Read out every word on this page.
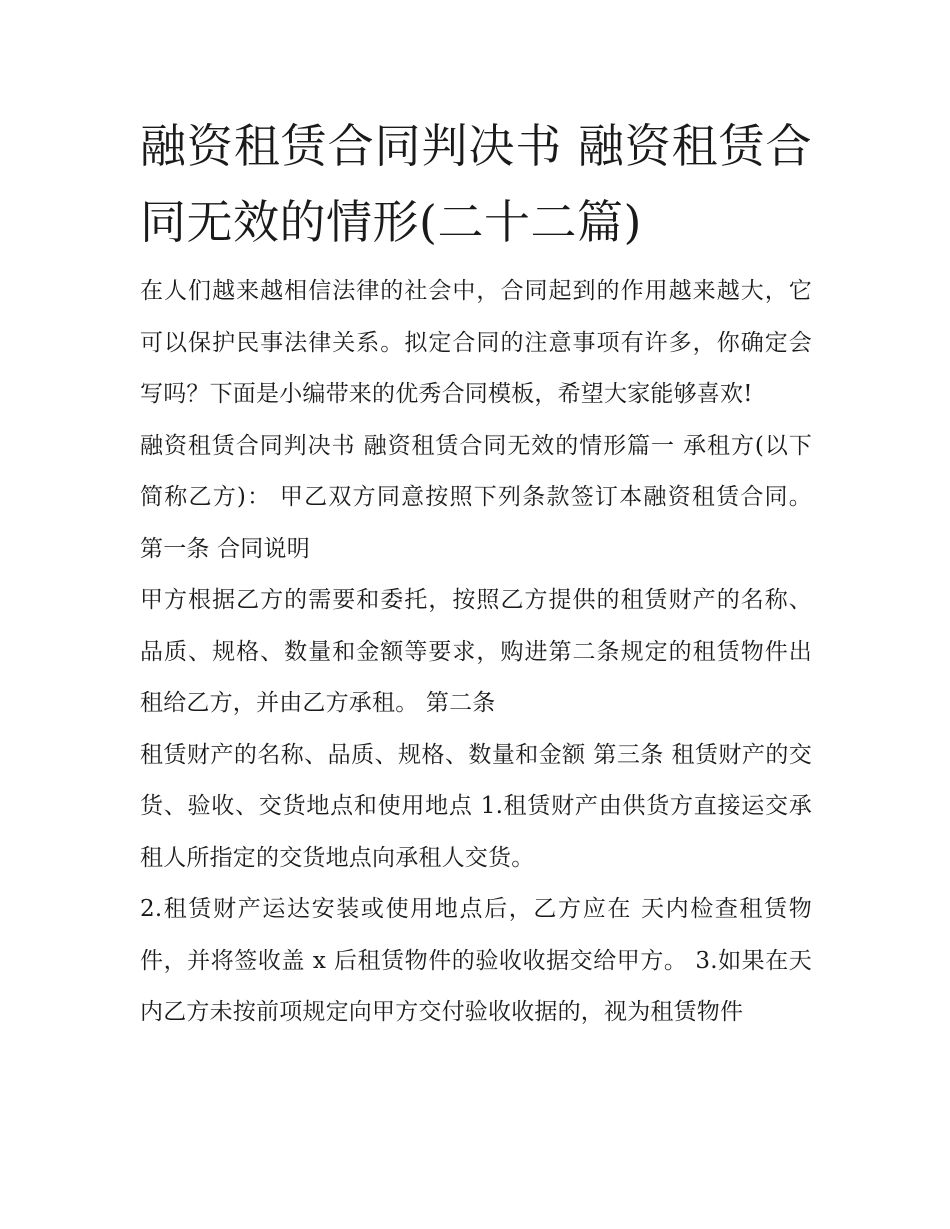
融资租赁合同判决书 融资租赁合同无效的情形(二十二篇)

在人们越来越相信法律的社会中，合同起到的作用越来越大，它可以保护民事法律关系。拟定合同的注意事项有许多，你确定会写吗？下面是小编带来的优秀合同模板，希望大家能够喜欢!

融资租赁合同判决书 融资租赁合同无效的情形篇一 承租方(以下简称乙方)： 甲乙双方同意按照下列条款签订本融资租赁合同。 第一条 合同说明

甲方根据乙方的需要和委托，按照乙方提供的租赁财产的名称、品质、规格、数量和金额等要求，购进第二条规定的租赁物件出租给乙方，并由乙方承租。 第二条

租赁财产的名称、品质、规格、数量和金额 第三条 租赁财产的交货、验收、交货地点和使用地点 1.租赁财产由供货方直接运交承租人所指定的交货地点向承租人交货。

2.租赁财产运达安装或使用地点后，乙方应在 天内检查租赁物件，并将签收盖 x 后租赁物件的验收收据交给甲方。 3.如果在天内乙方未按前项规定向甲方交付验收收据的，视为租赁物件
